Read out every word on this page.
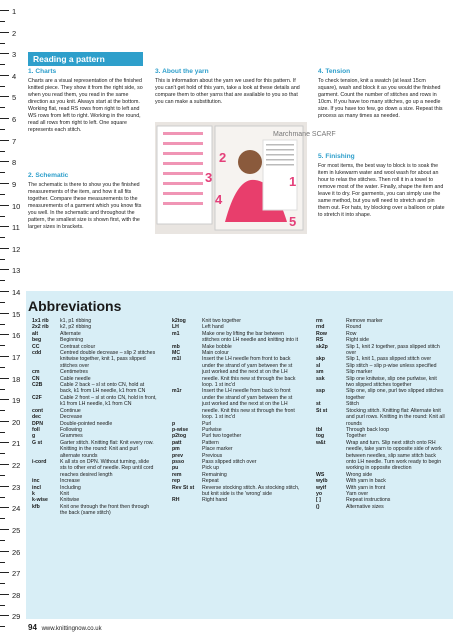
1
2
3
4
5
6
7
8
9
10
11
12
13
14
15
16
17
18
19
20
21
22
23
24
25
26
27
28
29
Reading a pattern
1. Charts

Charts are a visual representation of the finished knitted piece. They show it from the right side, so when you read them, you read in the same direction as you knit. Always start at the bottom. Working flat, read RS rows from right to left and WS rows from left to right. Working in the round, read all rows from right to left. One square represents each stitch.

2. Schematic

The schematic is there to show you the finished measurements of the item, and how it all fits together. Compare these measurements to the measurements of a garment which you know fits you well. In the schematic and throughout the pattern, the smallest size is shown first, with the larger sizes in brackets.

3. About the yarn

This is information about the yarn we used for this pattern. If you can't get hold of this yarn, take a look at these details and compare them to other yarns that are available to you so that you can make a substitution.

Marchmane SCARF
2
3
4
1
5
4. Tension

To check tension, knit a swatch (at least 15cm square), wash and block it as you would the finished garment. Count the number of stitches and rows in 10cm. If you have too many stitches, go up a needle size. If you have too few, go down a size. Repeat this process as many times as needed.

5. Finishing

For most items, the best way to block is to soak the item in lukewarm water and wool wash for about an hour to relax the stitches. Then roll it in a towel to remove most of the water. Finally, shape the item and leave it to dry. For garments, you can simply use the same method, but you will need to stretch and pin them out. For hats, try blocking over a balloon or plate to stretch it into shape.

Abbreviations
1x1 rib	k1, p1 ribbing
2x2 rib	k2, p2 ribbing
alt	Alternate
beg	Beginning
CC	Contrast colour
cdd	Centred double decrease – slip 2 stitches knitwise together, knit 1, pass slipped stitches over
cm	Centimetres
CN	Cable needle
C2B	Cable 2 back – sl st onto CN, hold at back, k1 from LH needle, k1 from CN
C2F	Cable 2 front – sl st onto CN, hold in front, k1 from LH needle, k1 from CN
cont	Continue
dec	Decrease
DPN	Double-pointed needle
foll	Following
g	Grammes
G st	Garter stitch. Knitting flat: Knit every row. Knitting in the round: Knit and purl alternate rounds
i-cord	K all sts on DPN. Without turning, slide sts to other end of needle. Rep until cord reaches desired length
inc	Increase
incl	Including
k	Knit
k-wise	Knitwise
kfb	Knit one through the front then through the back (same stitch)
k2tog	Knit two together
LH	Left hand
m1	Make one by lifting the bar between stitches onto LH needle and knitting into it
mb	Make bobble
MC	Main colour
m1l	Insert the LH needle from front to back under the strand of yarn between the st just worked and the next st on the LH needle. Knit this new st through the back loop. 1 st inc'd
m1r	Insert the LH needle from back to front under the strand of yarn between the st just worked and the next st on the LH needle. Knit this new st through the front loop. 1 st inc'd
p	Purl
p-wise	Purlwise
p2tog	Purl two together
patt	Pattern
pm	Place marker
prev	Previous
psso	Pass slipped stitch over
pu	Pick up
rem	Remaining
rep	Repeat
Rev St st	Reverse stocking stitch. As stocking stitch, but knit side is the 'wrong' side
RH	Right hand
rm	Remove marker
rnd	Round
Row	Row
RS	Right side
sk2p	Slip 1, knit 2 together, pass slipped stitch over
skp	Slip 1, knit 1, pass slipped stitch over
sl	Slip stitch – slip p-wise unless specified
sm	Slip marker
ssk	Slip one knitwise, slip one purlwise, knit two slipped stitches together
ssp	Slip one, slip one, purl two slipped stitches together
st	Stitch
St st	Stocking stitch. Knitting flat: Alternate knit and purl rows. Knitting in the round: Knit all rounds
tbl	Through back loop
tog	Together
w&t	Wrap and turn. Slip next stitch onto RH needle, take yarn to opposite side of work between needles, slip same stitch back onto LH needle. Turn work ready to begin working in opposite direction
WS	Wrong side
wyib	With yarn in back
wyif	With yarn in front
yo	Yarn over
[ ]	Repeat instructions
()	Alternative sizes
94 www.knittingnow.co.uk
